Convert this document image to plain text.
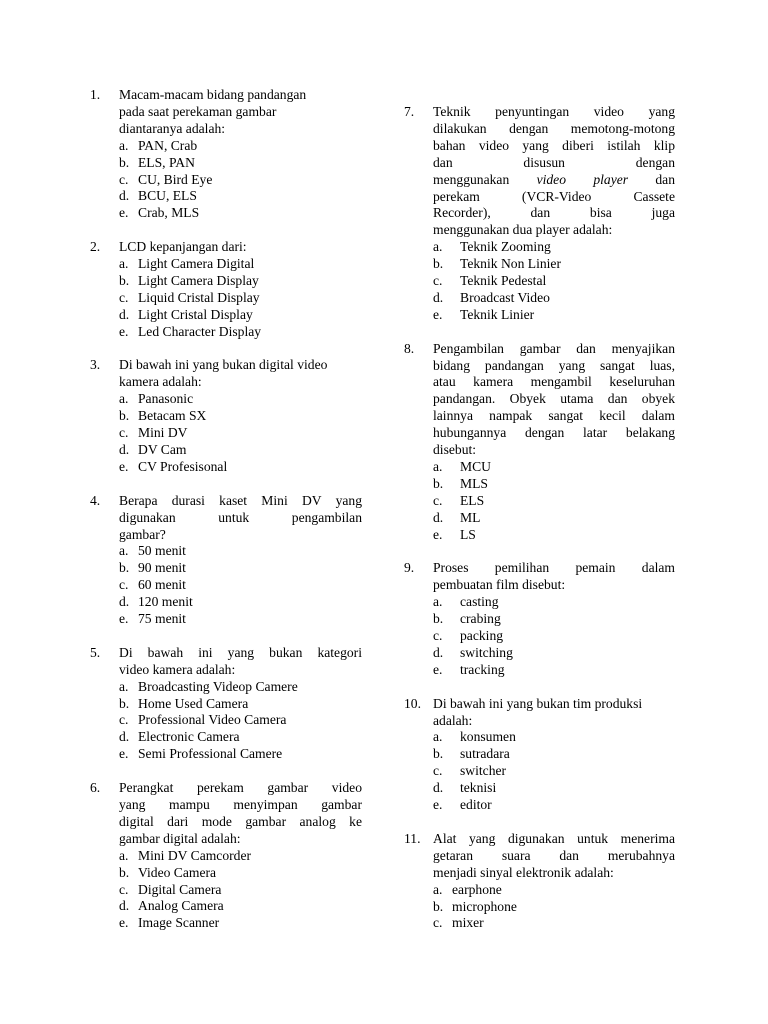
1. Macam-macam bidang pandangan

pada saat perekaman gambar

diantaranya adalah:

a. PAN, Crab
b. ELS, PAN
c. CU, Bird Eye
d. BCU, ELS
e. Crab, MLS
2. LCD kepanjangan dari:

a. Light Camera Digital
b. Light Camera Display
c. Liquid Cristal Display
d. Light Cristal Display
e. Led Character Display
3. Di bawah ini yang bukan digital video

kamera adalah:

a. Panasonic
b. Betacam SX
c. Mini DV
d. DV Cam
e. CV Profesisonal
4. Berapa durasi kaset Mini DV yang

digunakan untuk pengambilan

gambar?

a. 50 menit
b. 90 menit
c. 60 menit
d. 120 menit
e. 75 menit
5. Di bawah ini yang bukan kategori

video kamera adalah:

a. Broadcasting Videop Camere
b. Home Used Camera
c. Professional Video Camera
d. Electronic Camera
e. Semi Professional Camere
6. Perangkat perekam gambar video

yang mampu menyimpan gambar

digital dari mode gambar analog ke

gambar digital adalah:

a. Mini DV Camcorder
b. Video Camera
c. Digital Camera
d. Analog Camera
e. Image Scanner
7. Teknik penyuntingan video yang

dilakukan dengan memotong-motong

bahan video yang diberi istilah klip

dan disusun dengan

menggunakan video player dan

perekam (VCR-Video Cassete

Recorder), dan bisa juga

menggunakan dua player adalah:

a. Teknik Zooming
b. Teknik Non Linier
c. Teknik Pedestal
d. Broadcast Video
e. Teknik Linier
8. Pengambilan gambar dan menyajikan

bidang pandangan yang sangat luas,

atau kamera mengambil keseluruhan

pandangan. Obyek utama dan obyek

lainnya nampak sangat kecil dalam

hubungannya dengan latar belakang

disebut:

a. MCU
b. MLS
c. ELS
d. ML
e. LS
9. Proses pemilihan pemain dalam

pembuatan film disebut:

a. casting
b. crabing
c. packing
d. switching
e. tracking
10. Di bawah ini yang bukan tim produksi

adalah:

a. konsumen
b. sutradara
c. switcher
d. teknisi
e. editor
11. Alat yang digunakan untuk menerima

getaran suara dan merubahnya

menjadi sinyal elektronik adalah:

a. earphone
b. microphone
c. mixer
